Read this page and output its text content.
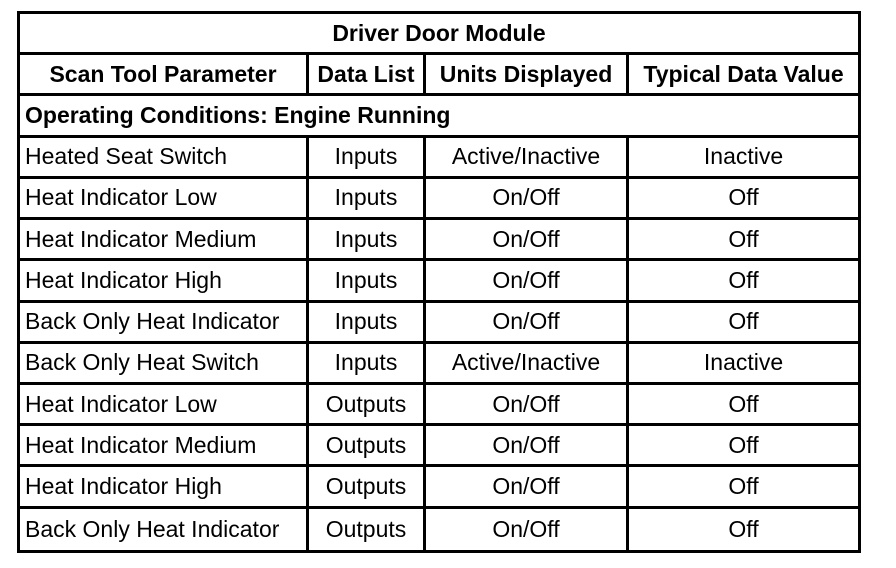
Driver Door Module			
Scan Tool Parameter	Data List	Units Displayed	Typical Data Value
Operating Conditions: Engine Running			
Heated Seat Switch	Inputs	Active/Inactive	Inactive
Heat Indicator Low	Inputs	On/Off	Off
Heat Indicator Medium	Inputs	On/Off	Off
Heat Indicator High	Inputs	On/Off	Off
Back Only Heat Indicator	Inputs	On/Off	Off
Back Only Heat Switch	Inputs	Active/Inactive	Inactive
Heat Indicator Low	Outputs	On/Off	Off
Heat Indicator Medium	Outputs	On/Off	Off
Heat Indicator High	Outputs	On/Off	Off
Back Only Heat Indicator	Outputs	On/Off	Off
